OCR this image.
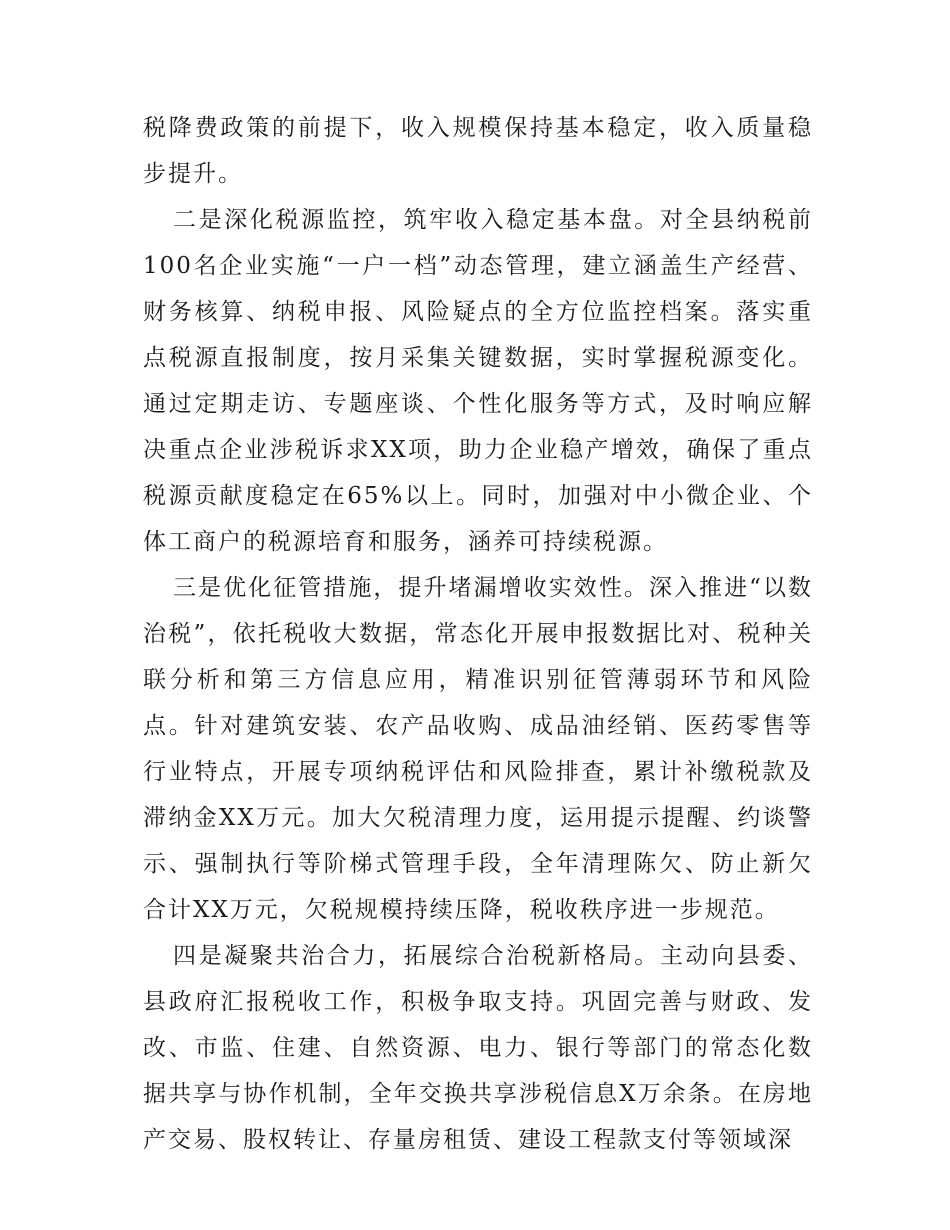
税降费政策的前提下，收入规模保持基本稳定，收入质量稳步提升。

二是深化税源监控，筑牢收入稳定基本盘。对全县纳税前100名企业实施“一户一档”动态管理，建立涵盖生产经营、财务核算、纳税申报、风险疑点的全方位监控档案。落实重点税源直报制度，按月采集关键数据，实时掌握税源变化。通过定期走访、专题座谈、个性化服务等方式，及时响应解决重点企业涉税诉求XX项，助力企业稳产增效，确保了重点税源贡献度稳定在65%以上。同时，加强对中小微企业、个体工商户的税源培育和服务，涵养可持续税源。

三是优化征管措施，提升堵漏增收实效性。深入推进“以数治税”，依托税收大数据，常态化开展申报数据比对、税种关联分析和第三方信息应用，精准识别征管薄弱环节和风险点。针对建筑安装、农产品收购、成品油经销、医药零售等行业特点，开展专项纳税评估和风险排查，累计补缴税款及滞纳金XX万元。加大欠税清理力度，运用提示提醒、约谈警示、强制执行等阶梯式管理手段，全年清理陈欠、防止新欠合计XX万元，欠税规模持续压降，税收秩序进一步规范。

四是凝聚共治合力，拓展综合治税新格局。主动向县委、县政府汇报税收工作，积极争取支持。巩固完善与财政、发改、市监、住建、自然资源、电力、银行等部门的常态化数据共享与协作机制，全年交换共享涉税信息X万余条。在房地产交易、股权转让、存量房租赁、建设工程款支付等领域深
